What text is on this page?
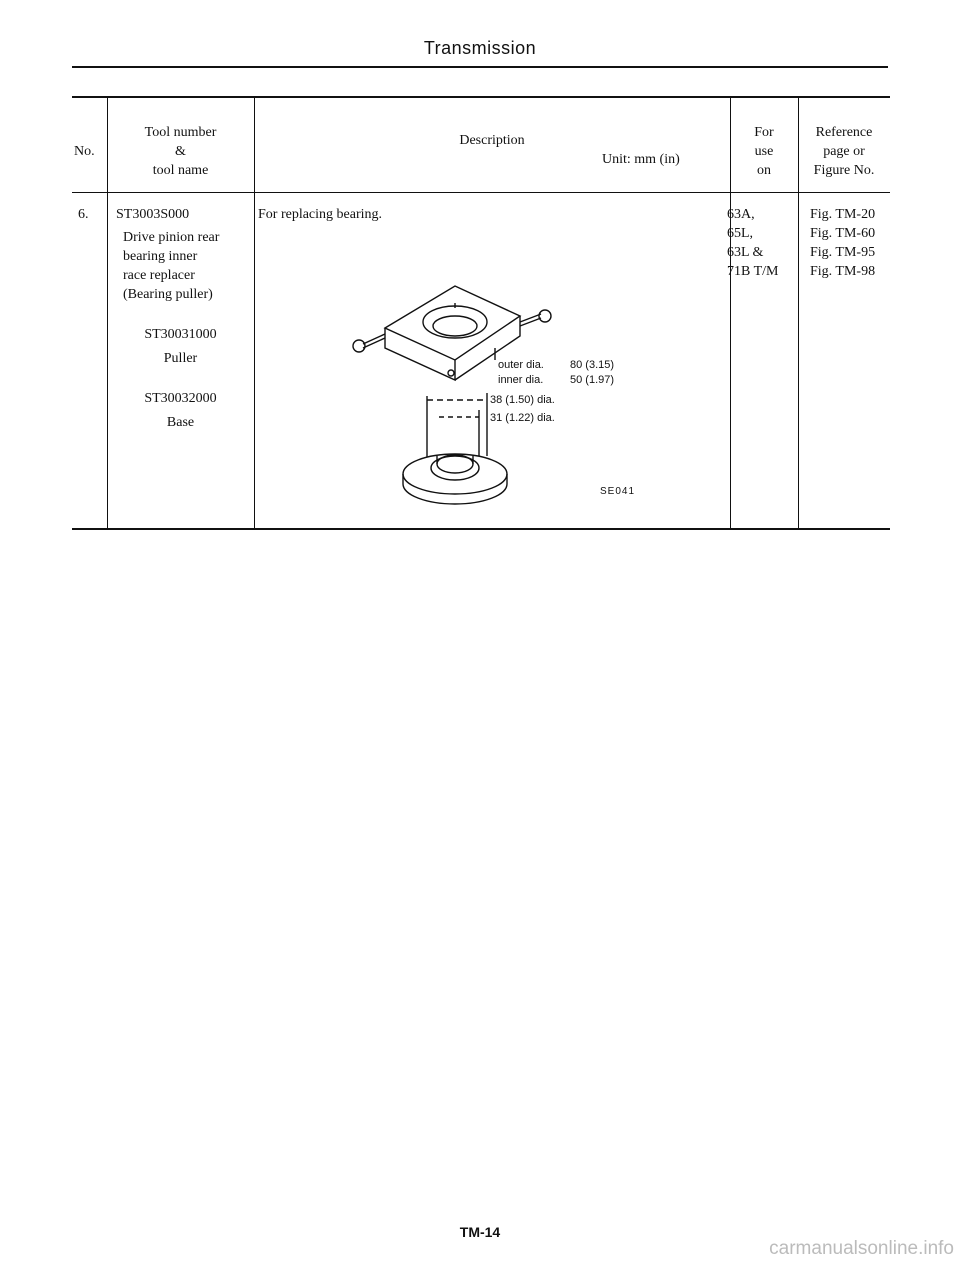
Transmission
No.
Tool number
&
tool name
Description
Unit: mm (in)
For
use
on
Reference
page or
Figure No.
6. ST3003S000
Drive pinion rear
bearing inner
race replacer
(Bearing puller)
ST30031000
Puller
ST30032000
Base
For replacing bearing.	63A,
65L,
63L &
71B T/M
Fig. TM-20
Fig. TM-60
Fig. TM-95
Fig. TM-98
outer dia. 80 (3.15)
inner dia. 50 (1.97)
38 (1.50) dia.
31 (1.22) dia.
SE041
TM-14
carmanualsonline.info
